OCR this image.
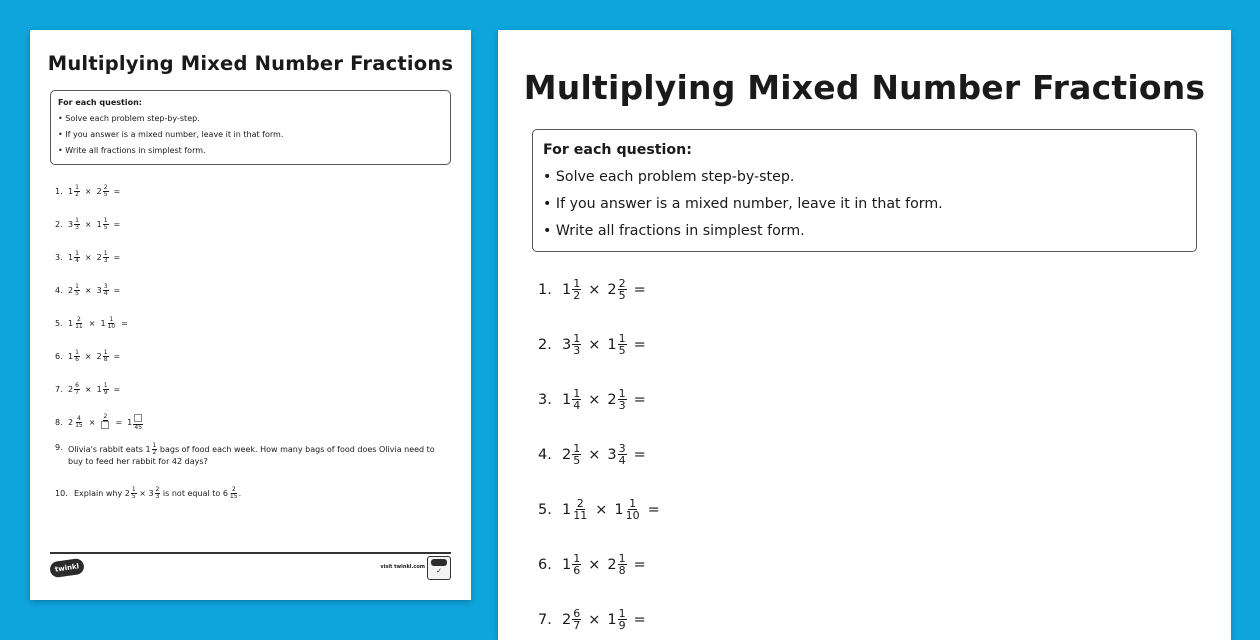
Multiplying Mixed Number Fractions
For each question:
• Solve each problem step-by-step.
• If you answer is a mixed number, leave it in that form.
• Write all fractions in simplest form.
1. $1 \frac{1}{2} \times 2 \frac{2}{5}$ =
2. $3 \frac{1}{3} \times 1 \frac{1}{5}$ =
3. $1 \frac{1}{4} \times 2 \frac{1}{3}$ =
4. $2 \frac{1}{5} \times 3 \frac{3}{4}$ =
5. $1 \frac{2}{11} \times 1 \frac{1}{10}$ =
6. $1 \frac{1}{6} \times 2 \frac{1}{8}$ =
7. $2 \frac{6}{7} \times 1 \frac{1}{9}$ =
8. $2 \frac{4}{15}$ ×
2
= 1
45
9. Olivia's rabbit eats $1 \frac{1}{2}$ bags of food each week. How many bags of food does Olivia need to buy to feed her rabbit for 42 days?
10. Explain why $2 \frac{1}{5} \times 3 \frac{2}{3}$ is not equal to $6 \frac{2}{15}$ .
twinkl	visit twinkl.com ✓
Multiplying Mixed Number Fractions
For each question:
• Solve each problem step-by-step.
• If you answer is a mixed number, leave it in that form.
• Write all fractions in simplest form.
1. $1 \frac{1}{2} \times 2 \frac{2}{5}$ =
2. $3 \frac{1}{3} \times 1 \frac{1}{5}$ =
3. $1 \frac{1}{4} \times 2 \frac{1}{3}$ =
4. $2 \frac{1}{5} \times 3 \frac{3}{4}$ =
5. $1 \frac{2}{11} \times 1 \frac{1}{10}$ =
6. $1 \frac{1}{6} \times 2 \frac{1}{8}$ =
7. $2 \frac{6}{7} \times 1 \frac{1}{9}$ =
